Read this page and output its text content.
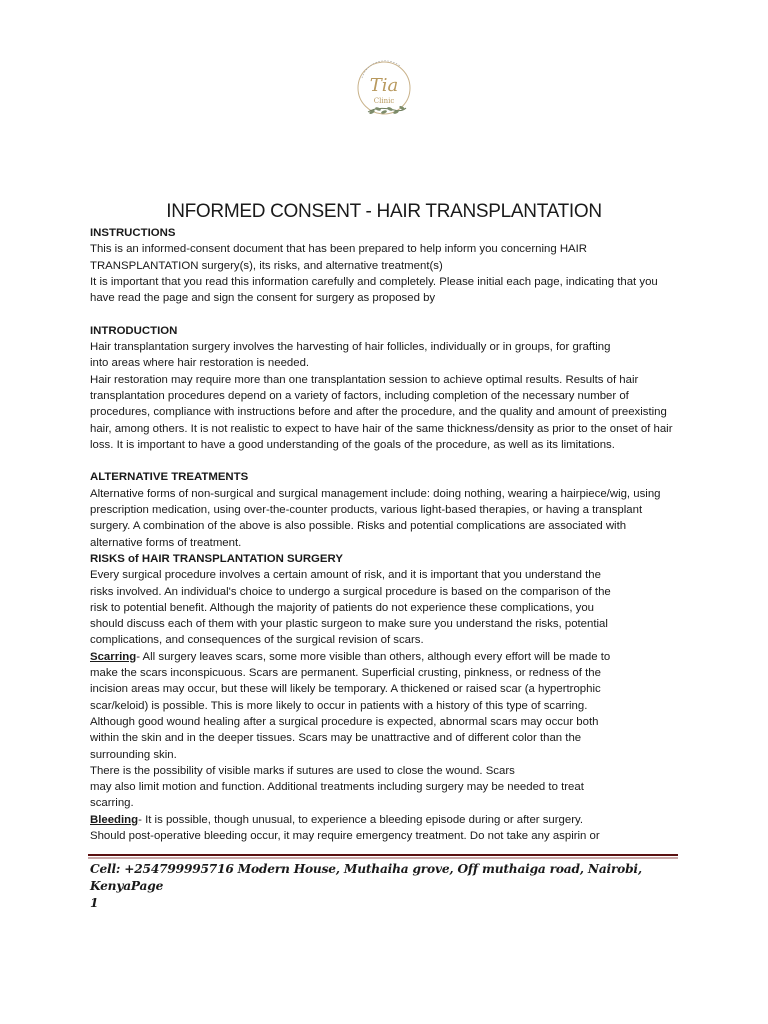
Tia
Clinic
INFORMED CONSENT - HAIR TRANSPLANTATION

INSTRUCTIONS

This is an informed-consent document that has been prepared to help inform you concerning HAIR

TRANSPLANTATION surgery(s), its risks, and alternative treatment(s)

It is important that you read this information carefully and completely. Please initial each page, indicating that you

have read the page and sign the consent for surgery as proposed by

INTRODUCTION

Hair transplantation surgery involves the harvesting of hair follicles, individually or in groups, for grafting

into areas where hair restoration is needed.

Hair restoration may require more than one transplantation session to achieve optimal results. Results of hair

transplantation procedures depend on a variety of factors, including completion of the necessary number of

procedures, compliance with instructions before and after the procedure, and the quality and amount of preexisting

hair, among others. It is not realistic to expect to have hair of the same thickness/density as prior to the onset of hair

loss. It is important to have a good understanding of the goals of the procedure, as well as its limitations.

ALTERNATIVE TREATMENTS

Alternative forms of non-surgical and surgical management include: doing nothing, wearing a hairpiece/wig, using

prescription medication, using over-the-counter products, various light-based therapies, or having a transplant

surgery. A combination of the above is also possible. Risks and potential complications are associated with

alternative forms of treatment.

RISKS of HAIR TRANSPLANTATION SURGERY

Every surgical procedure involves a certain amount of risk, and it is important that you understand the

risks involved. An individual's choice to undergo a surgical procedure is based on the comparison of the

risk to potential benefit. Although the majority of patients do not experience these complications, you

should discuss each of them with your plastic surgeon to make sure you understand the risks, potential

complications, and consequences of the surgical revision of scars.

Scarring- All surgery leaves scars, some more visible than others, although every effort will be made to

make the scars inconspicuous. Scars are permanent. Superficial crusting, pinkness, or redness of the

incision areas may occur, but these will likely be temporary. A thickened or raised scar (a hypertrophic

scar/keloid) is possible. This is more likely to occur in patients with a history of this type of scarring.

Although good wound healing after a surgical procedure is expected, abnormal scars may occur both

within the skin and in the deeper tissues. Scars may be unattractive and of different color than the

surrounding skin.

There is the possibility of visible marks if sutures are used to close the wound. Scars

may also limit motion and function. Additional treatments including surgery may be needed to treat

scarring.

Bleeding- It is possible, though unusual, to experience a bleeding episode during or after surgery.

Should post-operative bleeding occur, it may require emergency treatment. Do not take any aspirin or

Cell: +254799995716 Modern House, Muthaiha grove, Off muthaiga road, Nairobi, KenyaPage
1
